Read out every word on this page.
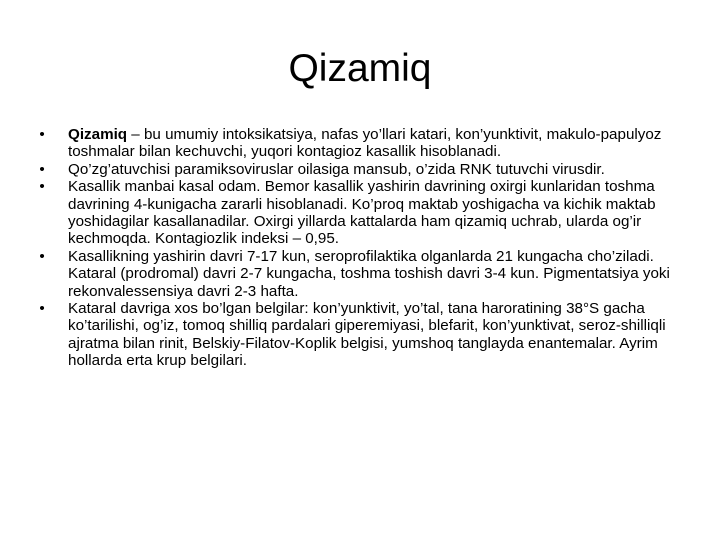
Qizamiq
• Qizamiq – bu umumiy intoksikatsiya, nafas yo’llari katari, kon’yunktivit, makulo-papulyoz toshmalar bilan kechuvchi, yuqori kontagioz kasallik hisoblanadi.
• Qo’zg’atuvchisi paramiksoviruslar oilasiga mansub, o’zida RNK tutuvchi virusdir.
• Kasallik manbai kasal odam. Bemor kasallik yashirin davrining oxirgi kunlaridan toshma davrining 4-kunigacha zararli hisoblanadi. Ko’proq maktab yoshigacha va kichik maktab yoshidagilar kasallanadilar. Oxirgi yillarda kattalarda ham qizamiq uchrab, ularda og’ir kechmoqda. Kontagiozlik indeksi – 0,95.
• Kasallikning yashirin davri 7-17 kun, seroprofilaktika olganlarda 21 kungacha cho’ziladi. Kataral (prodromal) davri 2-7 kungacha, toshma toshish davri 3-4 kun. Pigmentatsiya yoki rekonvalessensiya davri 2-3 hafta.
• Kataral davriga xos bo’lgan belgilar: kon’yunktivit, yo’tal, tana haroratining 38°S gacha ko’tarilishi, og’iz, tomoq shilliq pardalari giperemiyasi, blefarit, kon’yunktivat, seroz-shilliqli ajratma bilan rinit, Belskiy-Filatov-Koplik belgisi, yumshoq tanglayda enantemalar. Ayrim hollarda erta krup belgilari.
